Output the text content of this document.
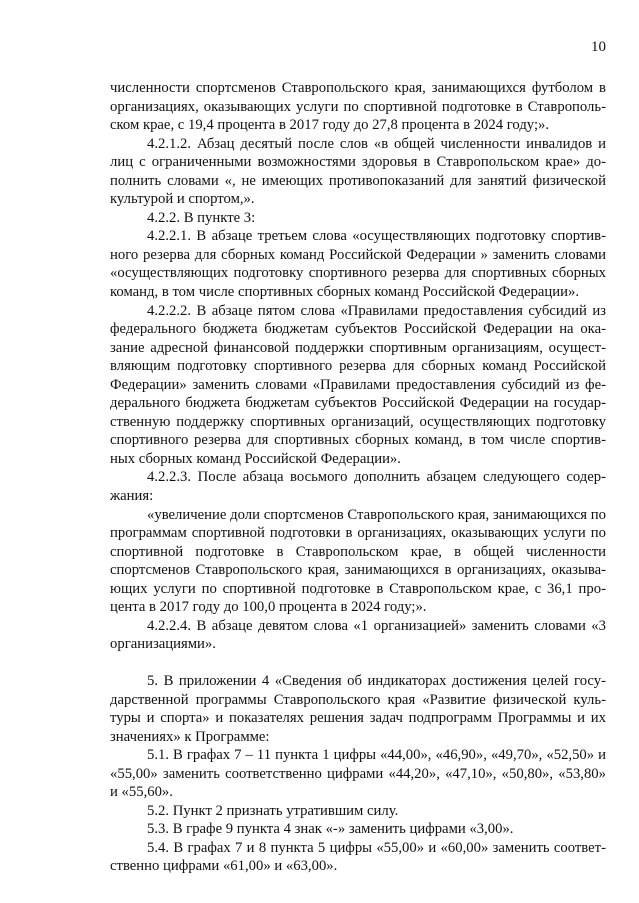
10

численности спортсменов Ставропольского края, занимающихся футболом в организациях, оказывающих услуги по спортивной подготовке в Ставропольском крае, с 19,4 процента в 2017 году до 27,8 процента в 2024 году;».

4.2.1.2. Абзац десятый после слов «в общей численности инвалидов и лиц с ограниченными возможностями здоровья в Ставропольском крае» дополнить словами «, не имеющих противопоказаний для занятий физической культурой и спортом,».

4.2.2. В пункте 3:

4.2.2.1. В абзаце третьем слова «осуществляющих подготовку спортивного резерва для сборных команд Российской Федерации » заменить словами «осуществляющих подготовку спортивного резерва для спортивных сборных команд, в том числе спортивных сборных команд Российской Федерации».

4.2.2.2. В абзаце пятом слова «Правилами предоставления субсидий из федерального бюджета бюджетам субъектов Российской Федерации на оказание адресной финансовой поддержки спортивным организациям, осуществляющим подготовку спортивного резерва для сборных команд Российской Федерации» заменить словами «Правилами предоставления субсидий из федерального бюджета бюджетам субъектов Российской Федерации на государственную поддержку спортивных организаций, осуществляющих подготовку спортивного резерва для спортивных сборных команд, в том числе спортивных сборных команд Российской Федерации».

4.2.2.3. После абзаца восьмого дополнить абзацем следующего содержания:

«увеличение доли спортсменов Ставропольского края, занимающихся по программам спортивной подготовки в организациях, оказывающих услуги по спортивной подготовке в Ставропольском крае, в общей численности спортсменов Ставропольского края, занимающихся в организациях, оказывающих услуги по спортивной подготовке в Ставропольском крае, с 36,1 процента в 2017 году до 100,0 процента в 2024 году;».

4.2.2.4. В абзаце девятом слова «1 организацией» заменить словами «3 организациями».

5. В приложении 4 «Сведения об индикаторах достижения целей государственной программы Ставропольского края «Развитие физической культуры и спорта» и показателях решения задач подпрограмм Программы и их значениях» к Программе:

5.1. В графах 7 – 11 пункта 1 цифры «44,00», «46,90», «49,70», «52,50» и «55,00» заменить соответственно цифрами «44,20», «47,10», «50,80», «53,80» и «55,60».

5.2. Пункт 2 признать утратившим силу.

5.3. В графе 9 пункта 4 знак «-» заменить цифрами «3,00».

5.4. В графах 7 и 8 пункта 5 цифры «55,00» и «60,00» заменить соответственно цифрами «61,00» и «63,00».
